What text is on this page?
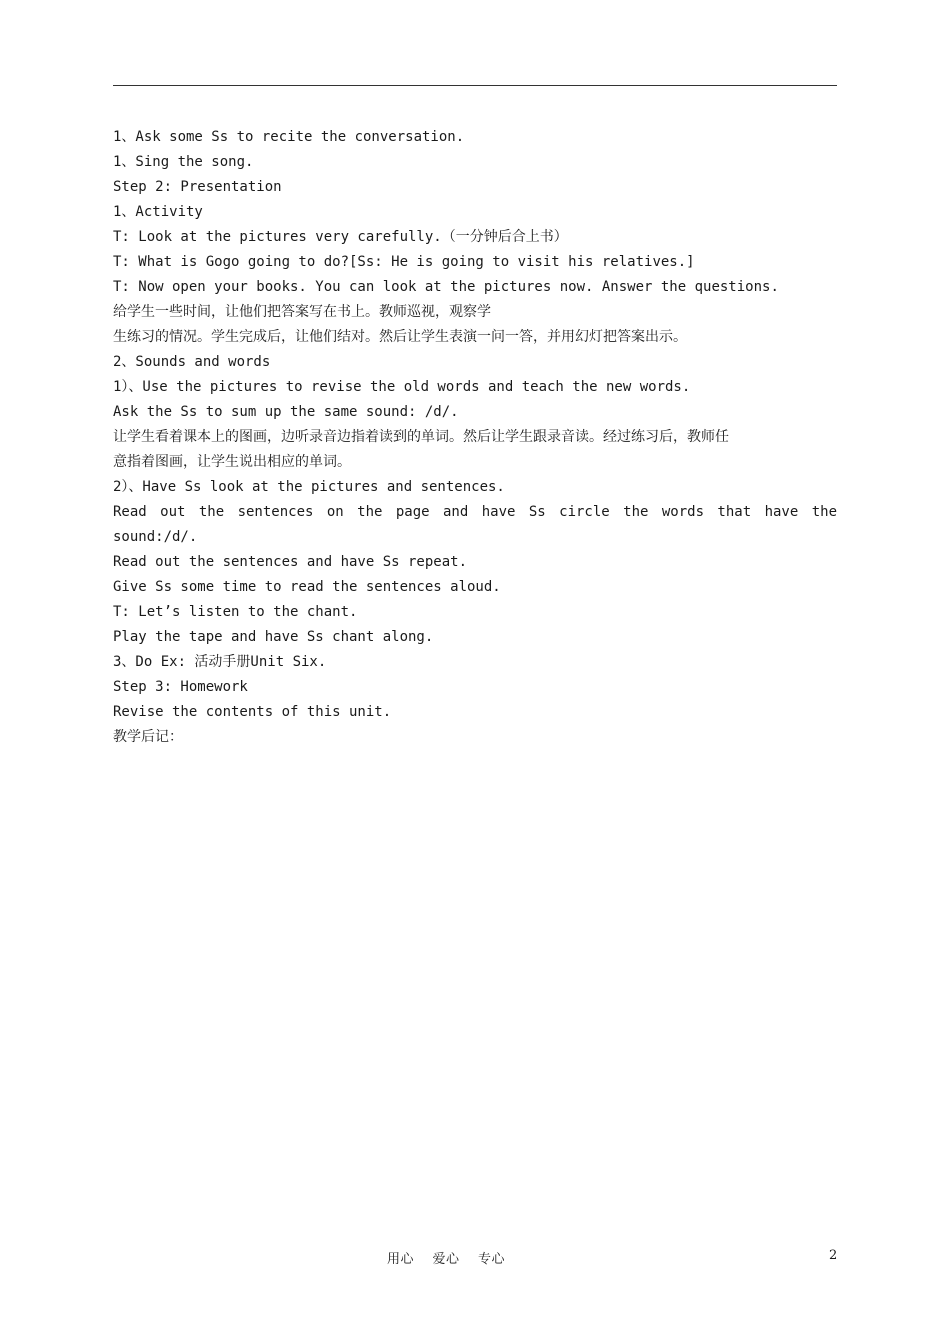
1、Ask some Ss to recite the conversation.
1、Sing the song.
Step 2: Presentation
1、Activity
T: Look at the pictures very carefully.（一分钟后合上书）
T: What is Gogo going to do?[Ss: He is going to visit his relatives.]
T: Now open your books. You can look at the pictures now. Answer the questions.
给学生一些时间，让他们把答案写在书上。教师巡视，观察学
生练习的情况。学生完成后，让他们结对。然后让学生表演一问一答，并用幻灯把答案出示。
2、Sounds and words
1）、Use the pictures to revise the old words and teach the new words.
Ask the Ss to sum up the same sound: /d/.
让学生看着课本上的图画，边听录音边指着读到的单词。然后让学生跟录音读。经过练习后，教师任
意指着图画，让学生说出相应的单词。
2）、Have Ss look at the pictures and sentences.
Read out the sentences on the page and have Ss circle the words that have the
sound:/d/.
Read out the sentences and have Ss repeat.
Give Ss some time to read the sentences aloud.
T: Let’s listen to the chant.
Play the tape and have Ss chant along.
3、Do Ex: 活动手册Unit Six.
Step 3: Homework
Revise the contents of this unit.
教学后记：
用心    爱心    专心	2
